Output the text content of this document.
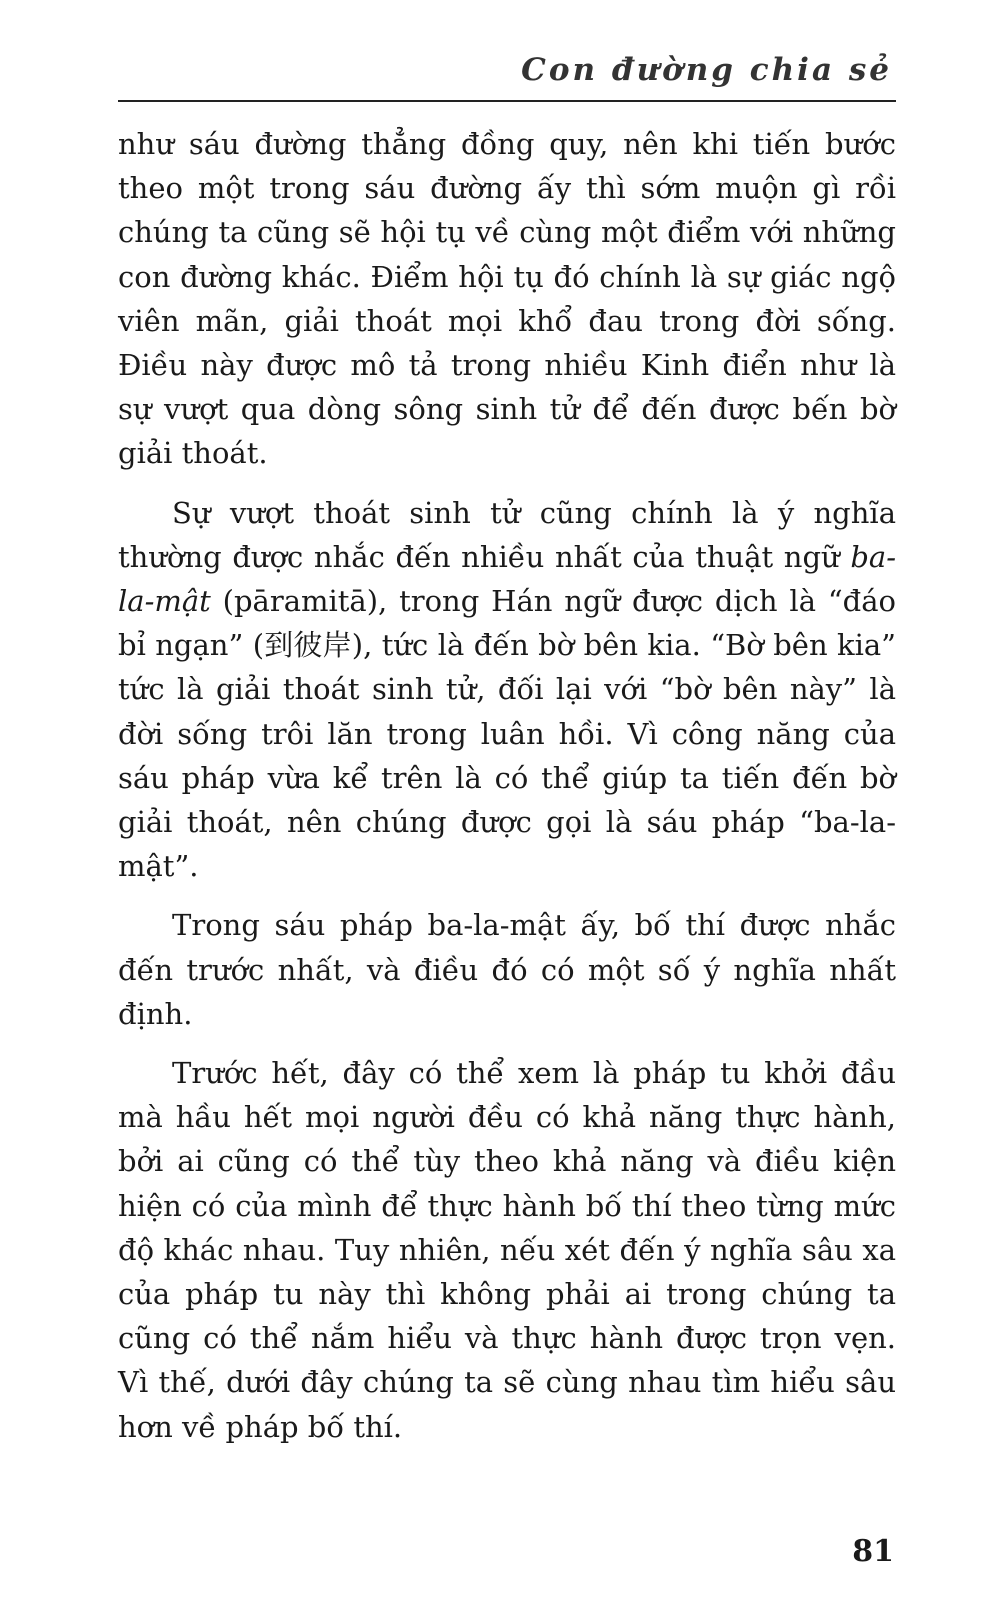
Con đường chia sẻ

như sáu đường thẳng đồng quy, nên khi tiến bước theo một trong sáu đường ấy thì sớm muộn gì rồi chúng ta cũng sẽ hội tụ về cùng một điểm với những con đường khác. Điểm hội tụ đó chính là sự giác ngộ viên mãn, giải thoát mọi khổ đau trong đời sống. Điều này được mô tả trong nhiều Kinh điển như là sự vượt qua dòng sông sinh tử để đến được bến bờ giải thoát.

Sự vượt thoát sinh tử cũng chính là ý nghĩa thường được nhắc đến nhiều nhất của thuật ngữ ba-la-mật (pāramitā), trong Hán ngữ được dịch là “đáo bỉ ngạn” (到彼岸), tức là đến bờ bên kia. “Bờ bên kia” tức là giải thoát sinh tử, đối lại với “bờ bên này” là đời sống trôi lăn trong luân hồi. Vì công năng của sáu pháp vừa kể trên là có thể giúp ta tiến đến bờ giải thoát, nên chúng được gọi là sáu pháp “ba-la-mật”.

Trong sáu pháp ba-la-mật ấy, bố thí được nhắc đến trước nhất, và điều đó có một số ý nghĩa nhất định.

Trước hết, đây có thể xem là pháp tu khởi đầu mà hầu hết mọi người đều có khả năng thực hành, bởi ai cũng có thể tùy theo khả năng và điều kiện hiện có của mình để thực hành bố thí theo từng mức độ khác nhau. Tuy nhiên, nếu xét đến ý nghĩa sâu xa của pháp tu này thì không phải ai trong chúng ta cũng có thể nắm hiểu và thực hành được trọn vẹn. Vì thế, dưới đây chúng ta sẽ cùng nhau tìm hiểu sâu hơn về pháp bố thí.

81
